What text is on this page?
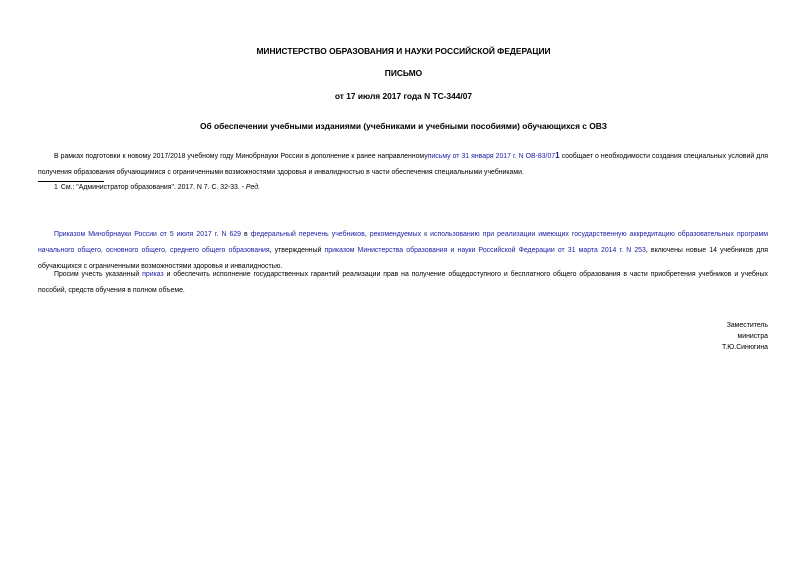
МИНИСТЕРСТВО ОБРАЗОВАНИЯ И НАУКИ РОССИЙСКОЙ ФЕДЕРАЦИИ
ПИСЬМО
от 17 июля 2017 года N ТС-344/07
Об обеспечении учебными изданиями (учебниками и учебными пособиями) обучающихся с ОВЗ
В рамках подготовки к новому 2017/2018 учебному году Минобрнауки России в дополнение к ранее направленномуписьму от 31 января 2017 г. N ОВ-83/071 сообщает о необходимости создания специальных условий для получения образования обучающимися с ограниченными возможностями здоровья и инвалидностью в части обеспечения специальными учебниками.
1 См.: "Администратор образования". 2017. N 7. С. 32-33. - Ред.
Приказом Минобрнауки России от 5 июля 2017 г. N 629 в федеральный перечень учебников, рекомендуемых к использованию при реализации имеющих государственную аккредитацию образовательных программ начального общего, основного общего, среднего общего образования, утвержденный приказом Министерства образования и науки Российской Федерации от 31 марта 2014 г. N 253, включены новые 14 учебников для обучающихся с ограниченными возможностями здоровья и инвалидностью.
Просим учесть указанный приказ и обеспечить исполнение государственных гарантий реализации прав на получение общедоступного и бесплатного общего образования в части приобретения учебников и учебных пособий, средств обучения в полном объеме.
Заместитель
министра
Т.Ю.Синюгина
